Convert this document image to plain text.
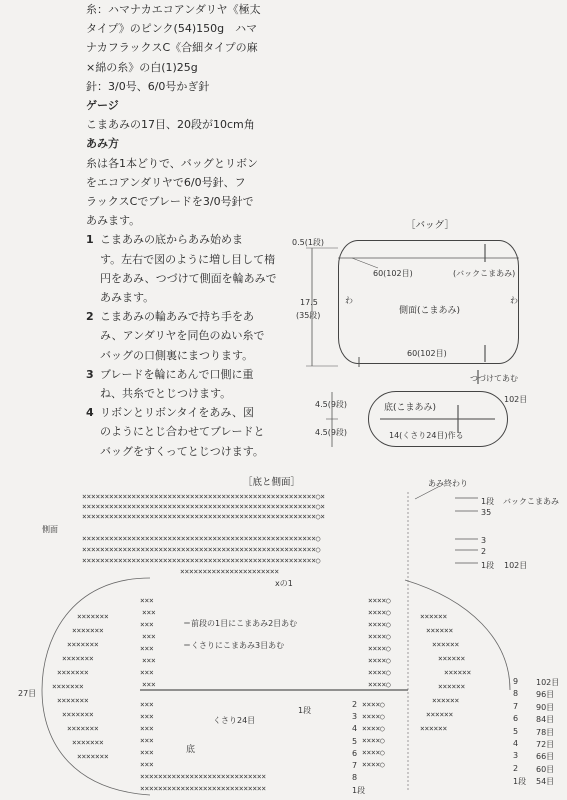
糸：ハマナカエコアンダリヤ《極太

タイプ》のピンク(54)150g　ハマ

ナカフラックスC《合細タイプの麻

×綿の糸》の白(1)25g

針：3/0号、6/0号かぎ針

ゲージ

こまあみの17目、20段が10cm角

あみ方

糸は各1本どりで、バッグとリボン

をエコアンダリヤで6/0号針、フ

ラックスCでブレードを3/0号針で

あみます。

1 こまあみの底からあみ始めま
す。左右で図のように増し目して楕
円をあみ、つづけて側面を輪あみで
あみます。
2 こまあみの輪あみで持ち手をあ
み、アンダリヤを同色のぬい糸で
バッグの口側裏にまつります。
3 ブレードを輪にあんで口側に重
ね、共糸でとじつけます。
4 リボンとリボンタイをあみ、図
のようにとじ合わせてブレードと
バッグをすくってとじつけます。
［バッグ］
0.5(1段)
60(102目)	(バックこまあみ)
わ	わ
側面(こまあみ)
17.5
(35段)
60(102目)
つづけてあむ
底(こまあみ)
102目
4.5(9段)
4.5(9段)	14(くさり24目)作る
［底と側面］	あみ終わり
側面
1段 バックこまあみ
35
3
2
1段 102目
xの1
＝前段の1目にこまあみ2目あむ
＝くさりにこまあみ3目あむ
27目
くさり24目
1段
底
2
3
4
5
6
7
8
1段
9 102目
8 96目
7 90目
6 84目
5 78目
4 72目
3 66目
2 60目
1段 54目
××××××××××××××××××××××××××××××××××××××××××××××××××××○×
××××××××××××××××××××××××××××××××××××××××××××××××××××○×
××××××××××××××××××××××××××××××××××××××××××××××××××××○×
××××××××××××××××××××××××××××××××××××××××××××××××××××○
××××××××××××××××××××××××××××××××××××××××××××××××××××○
××××××××××××××××××××××××××××××××××××××××××××××××××××○
××××××××××××××××××××××
×××
×××
×××
×××
×××
×××
×××
×××
××××○
××××○
××××○
××××○
××××○
××××○
××××○
××××○
×××
×××
×××
×××
×××
×××
××××○
××××○
××××○
××××○
××××○
××××○
××××××××××××××××××××××××××××
××××××××××××××××××××××××××××
×××××××
×××××××
×××××××
×××××××
×××××××
×××××××
×××××××
×××××××
×××××××
×××××××
×××××××
××××××
××××××
××××××
××××××
××××××
××××××
××××××
××××××
××××××
